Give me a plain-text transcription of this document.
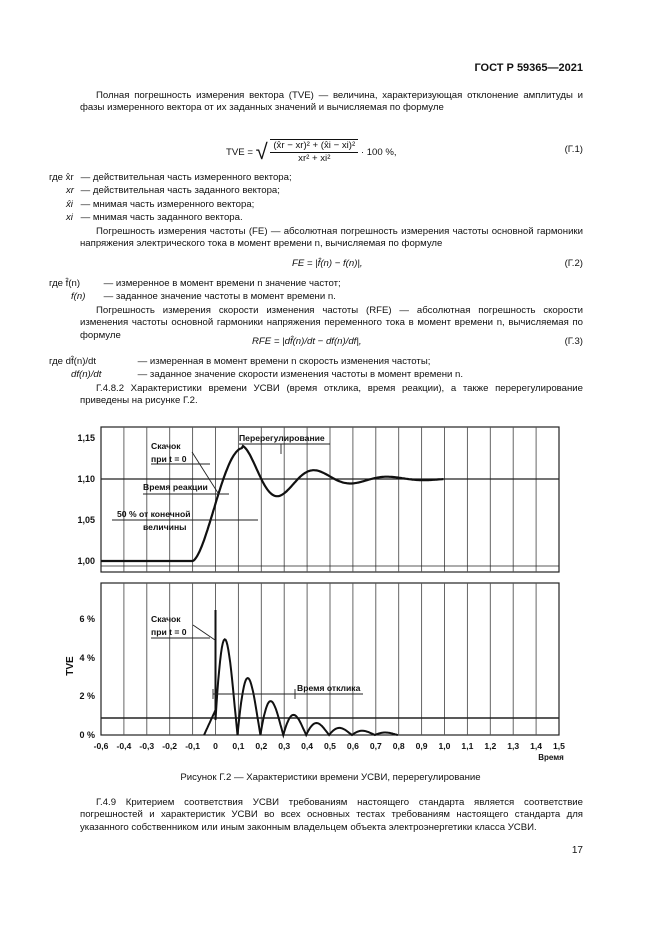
ГОСТ Р 59365—2021
Полная погрешность измерения вектора (TVE) — величина, характеризующая отклонение амплитуды и фазы измеренного вектора от их заданных значений и вычисляемая по формуле
TVE = √ $\frac{\text{(x̂r − xr)² + (x̂i − xi)²}}{\text{xr² + xi²}} \cdot 100$ %,	(Г.1)
где x̂r — действительная часть измеренного вектора;
xr — действительная часть заданного вектора;
x̂i — мнимая часть измеренного вектора;
xi — мнимая часть заданного вектора.
Погрешность измерения частоты (FE) — абсолютная погрешность измерения частоты основной гармоники напряжения электрического тока в момент времени n, вычисляемая по формуле
FE = |f̂(n) − f(n)|,	(Г.2)
где f̂(n) — измеренное в момент времени n значение частот;
f(n) — заданное значение частоты в момент времени n.
Погрешность измерения скорости изменения частоты (RFE) — абсолютная погрешность скорости изменения частоты основной гармоники напряжения переменного тока в момент времени n, вычисляемая по формуле
RFE = |df̂(n)/dt − df(n)/df|,	(Г.3)
где df̂(n)/dt	— измеренная в момент времени n скорость изменения частоты;
df(n)/dt	— заданное значение скорости изменения частоты в момент времени n.
Г.4.8.2 Характеристики времени УСВИ (время отклика, время реакции), а также перерегулирование приведены на рисунке Г.2.
1,15
1,10
1,05
1,00
Скачок
при t = 0
Перерегулирование
Время реакции
50 % от конечной
величины
6 %
4 %
2 %
0 %
TVE
Скачок
при t = 0
Время отклика
-0,6 -0,4 -0,3 -0,2 -0,1 0 0,1 0,2 0,3 0,4 0,5 0,6 0,7 0,8 0,9 1,0 1,1 1,2 1,3 1,4 1,5
Время
Рисунок Г.2 — Характеристики времени УСВИ, перерегулирование
Г.4.9 Критерием соответствия УСВИ требованиям настоящего стандарта является соответствие погрешностей и характеристик УСВИ во всех основных тестах требованиям настоящего стандарта для указанного собственником или иным законным владельцем объекта электроэнергетики класса УСВИ.
17
